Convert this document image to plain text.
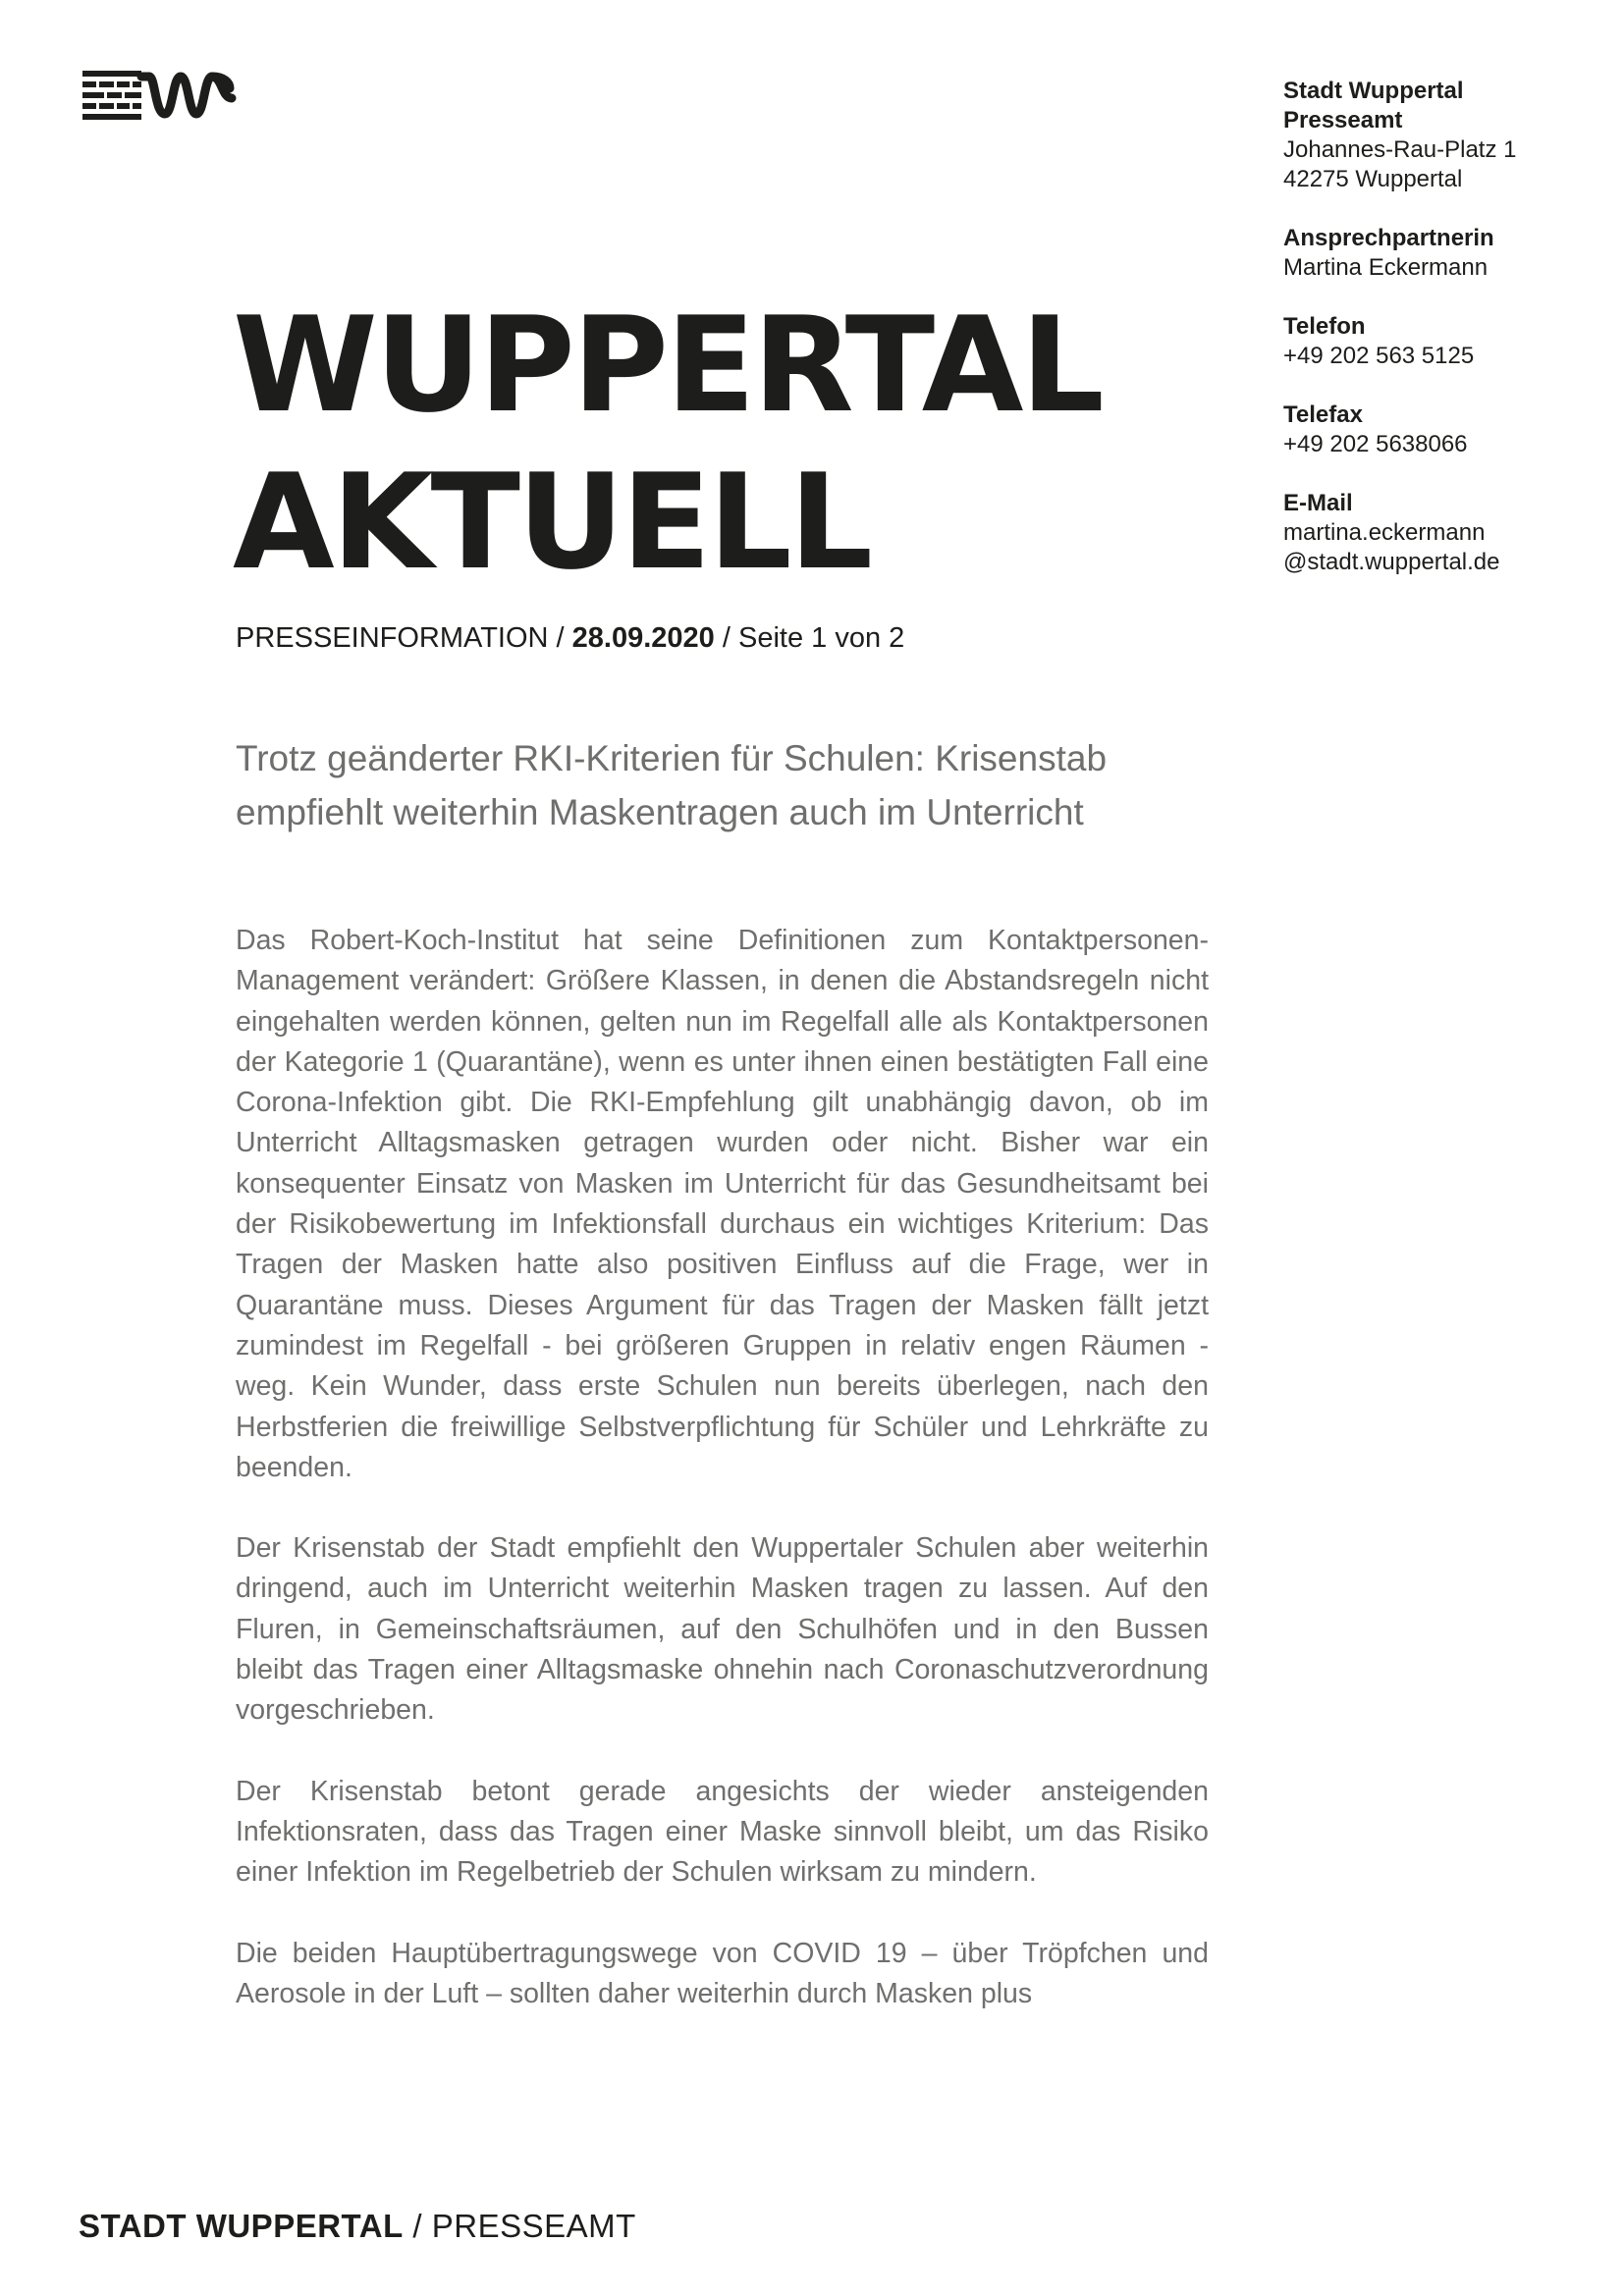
Stadt Wuppertal
Presseamt
Johannes-Rau-Platz 1
42275 Wuppertal
Ansprechpartnerin
Martina Eckermann
Telefon
+49 202 563 5125
Telefax
+49 202 5638066
E-Mail
martina.eckermann
@stadt.wuppertal.de
WUPPERTAL
AKTUELL
PRESSEINFORMATION / 28.09.2020 / Seite 1 von 2
Trotz geänderter RKI-Kriterien für Schulen: Krisenstab
empfiehlt weiterhin Maskentragen auch im Unterricht

Das Robert-Koch-Institut hat seine Definitionen zum Kontaktpersonen-Management verändert: Größere Klassen, in denen die Abstandsregeln nicht eingehalten werden können, gelten nun im Regelfall alle als Kontaktpersonen der Kategorie 1 (Quarantäne), wenn es unter ihnen einen bestätigten Fall eine Corona-Infektion gibt. Die RKI-Empfehlung gilt unabhängig davon, ob im Unterricht Alltagsmasken getragen wurden oder nicht. Bisher war ein konsequenter Einsatz von Masken im Unterricht für das Gesundheitsamt bei der Risikobewertung im Infektionsfall durchaus ein wichtiges Kriterium: Das Tragen der Masken hatte also positiven Einfluss auf die Frage, wer in Quarantäne muss. Dieses Argument für das Tragen der Masken fällt jetzt zumindest im Regelfall - bei größeren Gruppen in relativ engen Räumen - weg. Kein Wunder, dass erste Schulen nun bereits überlegen, nach den Herbstferien die freiwillige Selbstverpflichtung für Schüler und Lehrkräfte zu beenden.

Der Krisenstab der Stadt empfiehlt den Wuppertaler Schulen aber weiterhin dringend, auch im Unterricht weiterhin Masken tragen zu lassen. Auf den Fluren, in Gemeinschaftsräumen, auf den Schulhöfen und in den Bussen bleibt das Tragen einer Alltagsmaske ohnehin nach Coronaschutzverordnung vorgeschrieben.

Der Krisenstab betont gerade angesichts der wieder ansteigenden Infektionsraten, dass das Tragen einer Maske sinnvoll bleibt, um das Risiko einer Infektion im Regelbetrieb der Schulen wirksam zu mindern.

Die beiden Hauptübertragungswege von COVID 19 – über Tröpfchen und Aerosole in der Luft – sollten daher weiterhin durch Masken plus

STADT WUPPERTAL / PRESSEAMT
